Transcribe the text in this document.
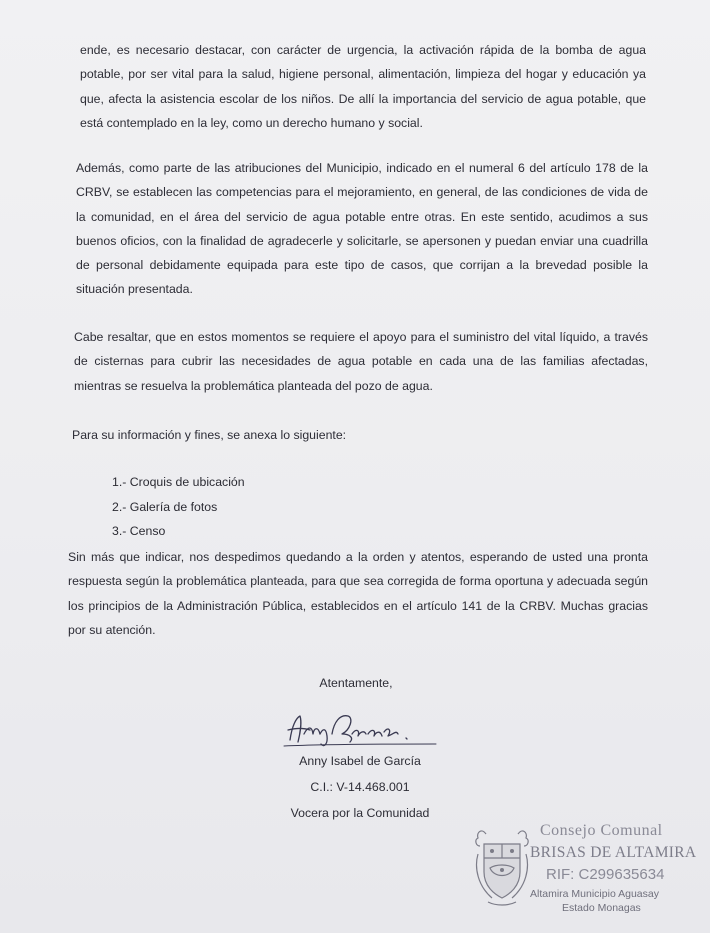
ende, es necesario destacar, con carácter de urgencia, la activación rápida de la bomba de agua potable, por ser vital para la salud, higiene personal, alimentación, limpieza del hogar y educación ya que, afecta la asistencia escolar de los niños. De allí la importancia del servicio de agua potable, que está contemplado en la ley, como un derecho humano y social.

Además, como parte de las atribuciones del Municipio, indicado en el numeral 6 del artículo 178 de la CRBV, se establecen las competencias para el mejoramiento, en general, de las condiciones de vida de la comunidad, en el área del servicio de agua potable entre otras. En este sentido, acudimos a sus buenos oficios, con la finalidad de agradecerle y solicitarle, se apersonen y puedan enviar una cuadrilla de personal debidamente equipada para este tipo de casos, que corrijan a la brevedad posible la situación presentada.

Cabe resaltar, que en estos momentos se requiere el apoyo para el suministro del vital líquido, a través de cisternas para cubrir las necesidades de agua potable en cada una de las familias afectadas, mientras se resuelva la problemática planteada del pozo de agua.

Para su información y fines, se anexa lo siguiente:

1.- Croquis de ubicación
2.- Galería de fotos
3.- Censo

Sin más que indicar, nos despedimos quedando a la orden y atentos, esperando de usted una pronta respuesta según la problemática planteada, para que sea corregida de forma oportuna y adecuada según los principios de la Administración Pública, establecidos en el artículo 141 de la CRBV. Muchas gracias por su atención.

Atentamente,
Anny Isabel de García
C.I.: V-14.468.001
Vocera por la Comunidad
Consejo Comunal
BRISAS DE ALTAMIRA
RIF: C299635634
Altamira Municipio Aguasay
Estado Monagas
